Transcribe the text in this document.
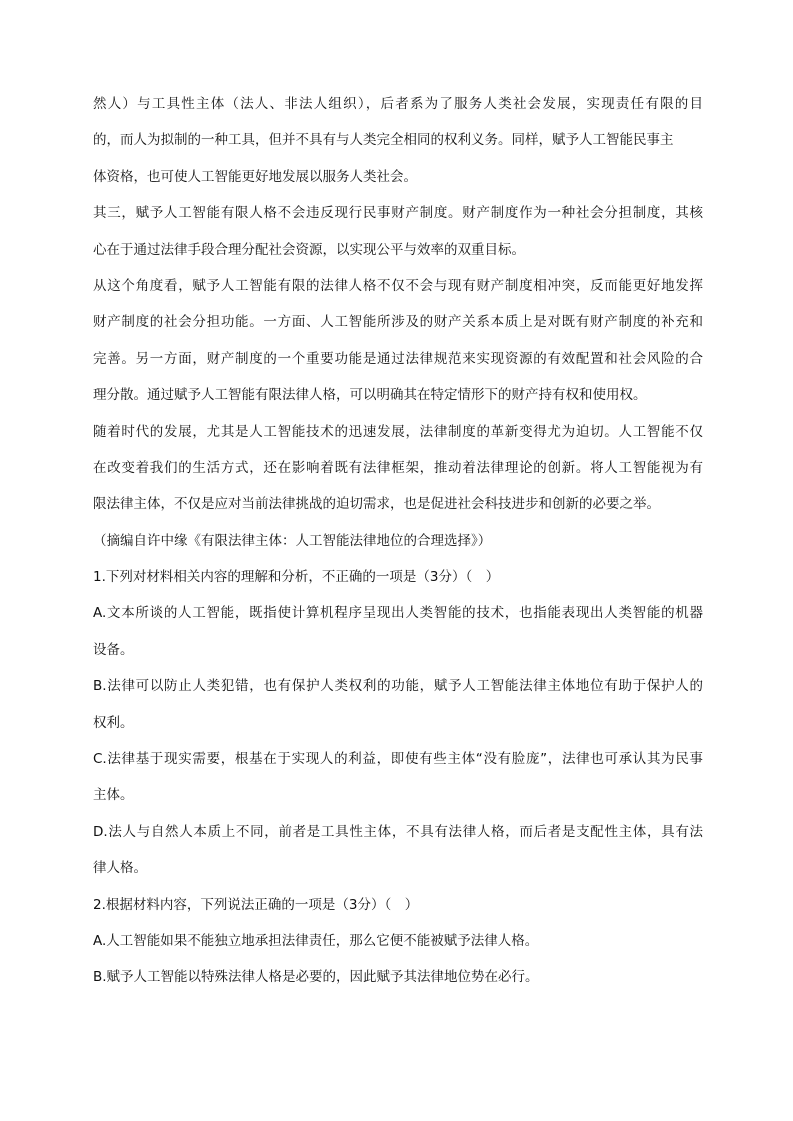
然人）与工具性主体（法人、非法人组织），后者系为了服务人类社会发展，实现责任有限的目
的，而人为拟制的一种工具，但并不具有与人类完全相同的权利义务。同样，赋予人工智能民事主
体资格，也可使人工智能更好地发展以服务人类社会。
其三，赋予人工智能有限人格不会违反现行民事财产制度。财产制度作为一种社会分担制度，其核
心在于通过法律手段合理分配社会资源，以实现公平与效率的双重目标。
从这个角度看，赋予人工智能有限的法律人格不仅不会与现有财产制度相冲突，反而能更好地发挥
财产制度的社会分担功能。一方面、人工智能所涉及的财产关系本质上是对既有财产制度的补充和
完善。另一方面，财产制度的一个重要功能是通过法律规范来实现资源的有效配置和社会风险的合
理分散。通过赋予人工智能有限法律人格，可以明确其在特定情形下的财产持有权和使用权。
随着时代的发展，尤其是人工智能技术的迅速发展，法律制度的革新变得尤为迫切。人工智能不仅
在改变着我们的生活方式，还在影响着既有法律框架，推动着法律理论的创新。将人工智能视为有
限法律主体，不仅是应对当前法律挑战的迫切需求，也是促进社会科技进步和创新的必要之举。
（摘编自许中缘《有限法律主体：人工智能法律地位的合理选择》）
1.下列对材料相关内容的理解和分析，不正确的一项是（3分）（　）
A.文本所谈的人工智能，既指使计算机程序呈现出人类智能的技术，也指能表现出人类智能的机器
设备。
B.法律可以防止人类犯错，也有保护人类权利的功能，赋予人工智能法律主体地位有助于保护人的
权利。
C.法律基于现实需要，根基在于实现人的利益，即使有些主体“没有脸庞”，法律也可承认其为民事
主体。
D.法人与自然人本质上不同，前者是工具性主体，不具有法律人格，而后者是支配性主体，具有法
律人格。
2.根据材料内容，下列说法正确的一项是（3分）（　）
A.人工智能如果不能独立地承担法律责任，那么它便不能被赋予法律人格。
B.赋予人工智能以特殊法律人格是必要的，因此赋予其法律地位势在必行。
